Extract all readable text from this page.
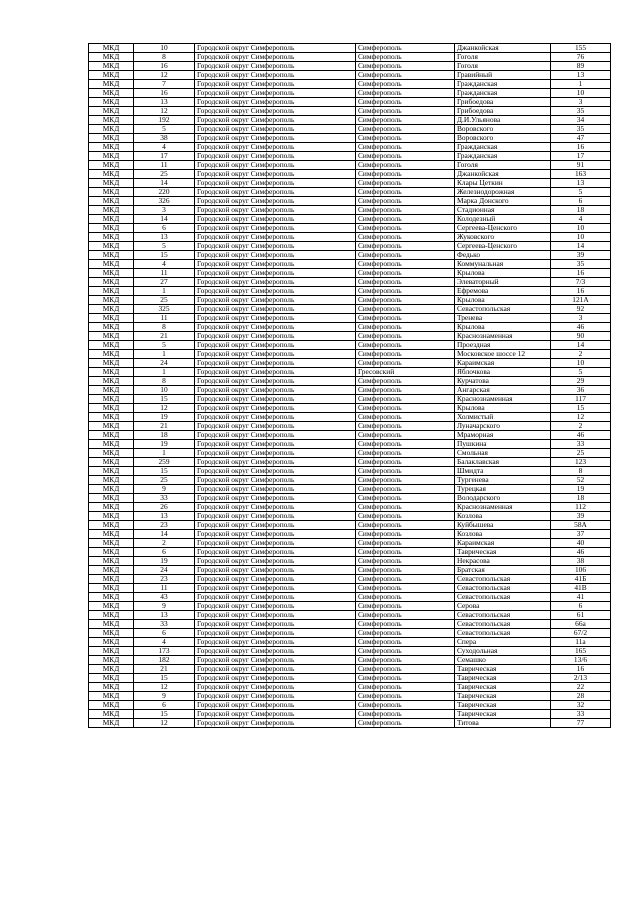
МКД	10	Городской округ Симферополь	Симферополь	Джанкойская	155
МКД	8	Городской округ Симферополь	Симферополь	Гоголя	76
МКД	16	Городской округ Симферополь	Симферополь	Гоголя	89
МКД	12	Городской округ Симферополь	Симферополь	Гравийный	13
МКД	7	Городской округ Симферополь	Симферополь	Гражданская	1
МКД	16	Городской округ Симферополь	Симферополь	Гражданская	10
МКД	13	Городской округ Симферополь	Симферополь	Грибоедова	3
МКД	12	Городской округ Симферополь	Симферополь	Грибоедова	35
МКД	192	Городской округ Симферополь	Симферополь	Д.И.Ульянова	34
МКД	5	Городской округ Симферополь	Симферополь	Воровского	35
МКД	38	Городской округ Симферополь	Симферополь	Воровского	47
МКД	4	Городской округ Симферополь	Симферополь	Гражданская	16
МКД	17	Городской округ Симферополь	Симферополь	Гражданская	17
МКД	11	Городской округ Симферополь	Симферополь	Гоголя	91
МКД	25	Городской округ Симферополь	Симферополь	Джанкойская	163
МКД	14	Городской округ Симферополь	Симферополь	Клары Цеткин	13
МКД	220	Городской округ Симферополь	Симферополь	Железнодорожная	5
МКД	326	Городской округ Симферополь	Симферополь	Марка Донского	6
МКД	3	Городской округ Симферополь	Симферополь	Стадионная	18
МКД	14	Городской округ Симферополь	Симферополь	Колодезный	4
МКД	6	Городской округ Симферополь	Симферополь	Сергеева-Ценского	10
МКД	13	Городской округ Симферополь	Симферополь	Жуковского	10
МКД	5	Городской округ Симферополь	Симферополь	Сергеева-Ценского	14
МКД	15	Городской округ Симферополь	Симферополь	Федько	39
МКД	4	Городской округ Симферополь	Симферополь	Коммунальная	35
МКД	11	Городской округ Симферополь	Симферополь	Крылова	16
МКД	27	Городской округ Симферополь	Симферополь	Элеваторный	7/3
МКД	1	Городской округ Симферополь	Симферополь	Ефремова	16
МКД	25	Городской округ Симферополь	Симферополь	Крылова	121А
МКД	325	Городской округ Симферополь	Симферополь	Севастопольская	92
МКД	11	Городской округ Симферополь	Симферополь	Тренева	3
МКД	8	Городской округ Симферополь	Симферополь	Крылова	46
МКД	21	Городской округ Симферополь	Симферополь	Краснознаменная	90
МКД	5	Городской округ Симферополь	Симферополь	Проездная	14
МКД	1	Городской округ Симферополь	Симферополь	Московское шоссе 12	2
МКД	24	Городской округ Симферополь	Симферополь	Караимская	10
МКД	1	Городской округ Симферополь	Гресовский	Яблочкова	5
МКД	8	Городской округ Симферополь	Симферополь	Курчатова	29
МКД	10	Городской округ Симферополь	Симферополь	Ангарская	36
МКД	15	Городской округ Симферополь	Симферополь	Краснознаменная	117
МКД	12	Городской округ Симферополь	Симферополь	Крылова	15
МКД	19	Городской округ Симферополь	Симферополь	Холмистый	12
МКД	21	Городской округ Симферополь	Симферополь	Луначарского	2
МКД	18	Городской округ Симферополь	Симферополь	Мраморная	46
МКД	19	Городской округ Симферополь	Симферополь	Пушкина	33
МКД	1	Городской округ Симферополь	Симферополь	Смольная	25
МКД	259	Городской округ Симферополь	Симферополь	Балаклавская	123
МКД	15	Городской округ Симферополь	Симферополь	Шмидта	8
МКД	25	Городской округ Симферополь	Симферополь	Тургенева	52
МКД	9	Городской округ Симферополь	Симферополь	Турецкая	19
МКД	33	Городской округ Симферополь	Симферополь	Володарского	18
МКД	26	Городской округ Симферополь	Симферополь	Краснознаменная	112
МКД	13	Городской округ Симферополь	Симферополь	Козлова	39
МКД	23	Городской округ Симферополь	Симферополь	Куйбышева	58А
МКД	14	Городской округ Симферополь	Симферополь	Козлова	37
МКД	2	Городской округ Симферополь	Симферополь	Караимская	40
МКД	6	Городской округ Симферополь	Симферополь	Таврическая	46
МКД	19	Городской округ Симферополь	Симферополь	Некрасова	38
МКД	24	Городской округ Симферополь	Симферополь	Братская	106
МКД	23	Городской округ Симферополь	Симферополь	Севастопольская	41Б
МКД	11	Городской округ Симферополь	Симферополь	Севастопольская	41В
МКД	43	Городской округ Симферополь	Симферополь	Севастопольская	41
МКД	9	Городской округ Симферополь	Симферополь	Серова	6
МКД	13	Городской округ Симферополь	Симферополь	Севастопольская	61
МКД	33	Городской округ Симферополь	Симферополь	Севастопольская	66а
МКД	6	Городской округ Симферополь	Симферополь	Севастопольская	67/2
МКД	4	Городской округ Симферополь	Симферополь	Спера	11а
МКД	173	Городской округ Симферополь	Симферополь	Суходольная	165
МКД	182	Городской округ Симферополь	Симферополь	Семашко	13/6
МКД	21	Городской округ Симферополь	Симферополь	Таврическая	16
МКД	15	Городской округ Симферополь	Симферополь	Таврическая	2/13
МКД	12	Городской округ Симферополь	Симферополь	Таврическая	22
МКД	9	Городской округ Симферополь	Симферополь	Таврическая	28
МКД	6	Городской округ Симферополь	Симферополь	Таврическая	32
МКД	15	Городской округ Симферополь	Симферополь	Таврическая	33
МКД	12	Городской округ Симферополь	Симферополь	Титова	77
